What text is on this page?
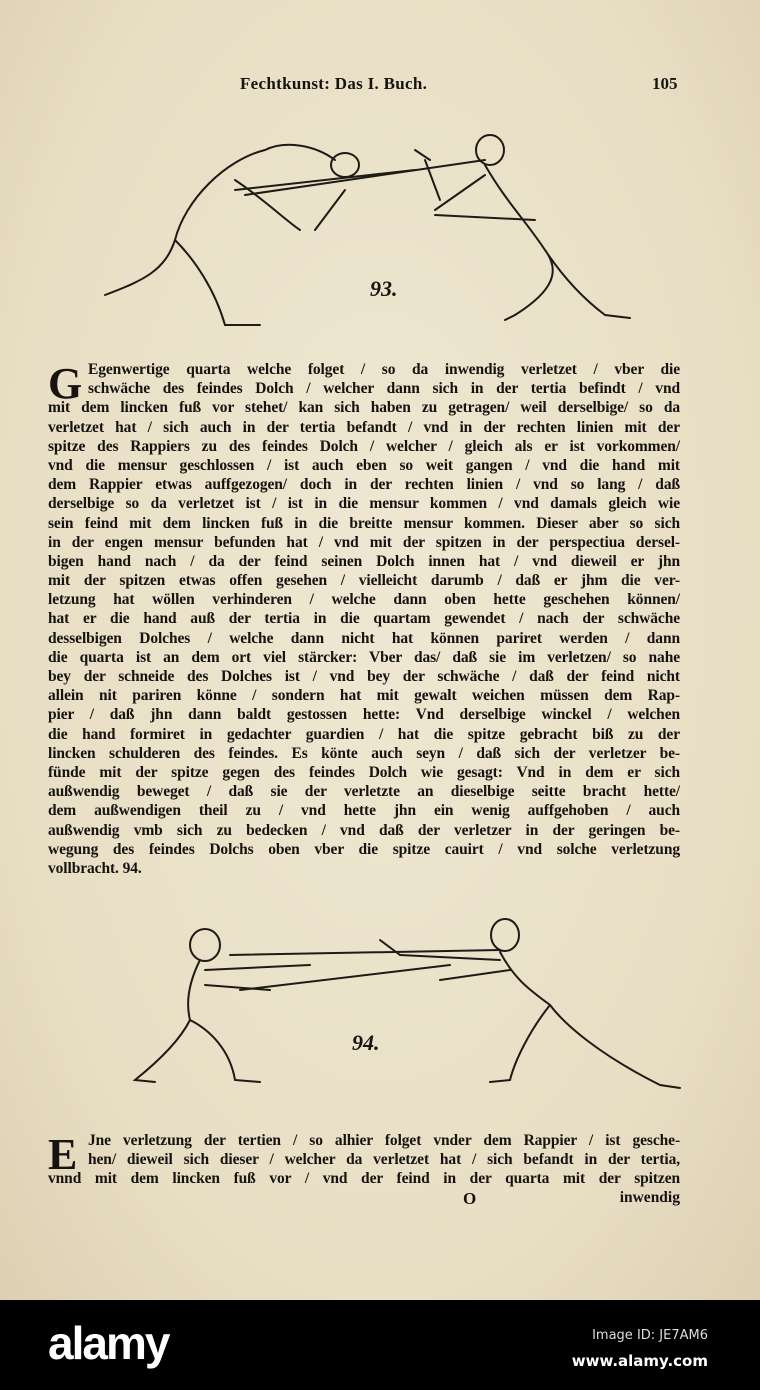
Fechtkunst: Das I. Buch.	105
93.
G Egenwertige quarta welche folget / so da inwendig verletzet / vber die
schwäche des feindes Dolch / welcher dann sich in der tertia befindt / vnd
mit dem lincken fuß vor stehet/ kan sich haben zu getragen/ weil derselbige/ so da
verletzet hat / sich auch in der tertia befandt / vnd in der rechten linien mit der
spitze des Rappiers zu des feindes Dolch / welcher / gleich als er ist vorkommen/
vnd die mensur geschlossen / ist auch eben so weit gangen / vnd die hand mit
dem Rappier etwas auffgezogen/ doch in der rechten linien / vnd so lang / daß
derselbige so da verletzet ist / ist in die mensur kommen / vnd damals gleich wie
sein feind mit dem lincken fuß in die breitte mensur kommen. Dieser aber so sich
in der engen mensur befunden hat / vnd mit der spitzen in der perspectiua dersel-
bigen hand nach / da der feind seinen Dolch innen hat / vnd dieweil er jhn
mit der spitzen etwas offen gesehen / vielleicht darumb / daß er jhm die ver-
letzung hat wöllen verhinderen / welche dann oben hette geschehen können/
hat er die hand auß der tertia in die quartam gewendet / nach der schwäche
desselbigen Dolches / welche dann nicht hat können pariret werden / dann
die quarta ist an dem ort viel stärcker: Vber das/ daß sie im verletzen/ so nahe
bey der schneide des Dolches ist / vnd bey der schwäche / daß der feind nicht
allein nit pariren könne / sondern hat mit gewalt weichen müssen dem Rap-
pier / daß jhn dann baldt gestossen hette: Vnd derselbige winckel / welchen
die hand formiret in gedachter guardien / hat die spitze gebracht biß zu der
lincken schulderen des feindes. Es könte auch seyn / daß sich der verletzer be-
fünde mit der spitze gegen des feindes Dolch wie gesagt: Vnd in dem er sich
außwendig beweget / daß sie der verletzte an dieselbige seitte bracht hette/
dem außwendigen theil zu / vnd hette jhn ein wenig auffgehoben / auch
außwendig vmb sich zu bedecken / vnd daß der verletzer in der geringen be-
wegung des feindes Dolchs oben vber die spitze cauirt / vnd solche verletzung
vollbracht. 94.
94.
E Jne verletzung der tertien / so alhier folget vnder dem Rappier / ist gesche-
hen/ dieweil sich dieser / welcher da verletzet hat / sich befandt in der tertia,
vnnd mit dem lincken fuß vor / vnd der feind in der quarta mit der spitzen
O	inwendig
alamy	Image ID: JE7AM6
www.alamy.com
